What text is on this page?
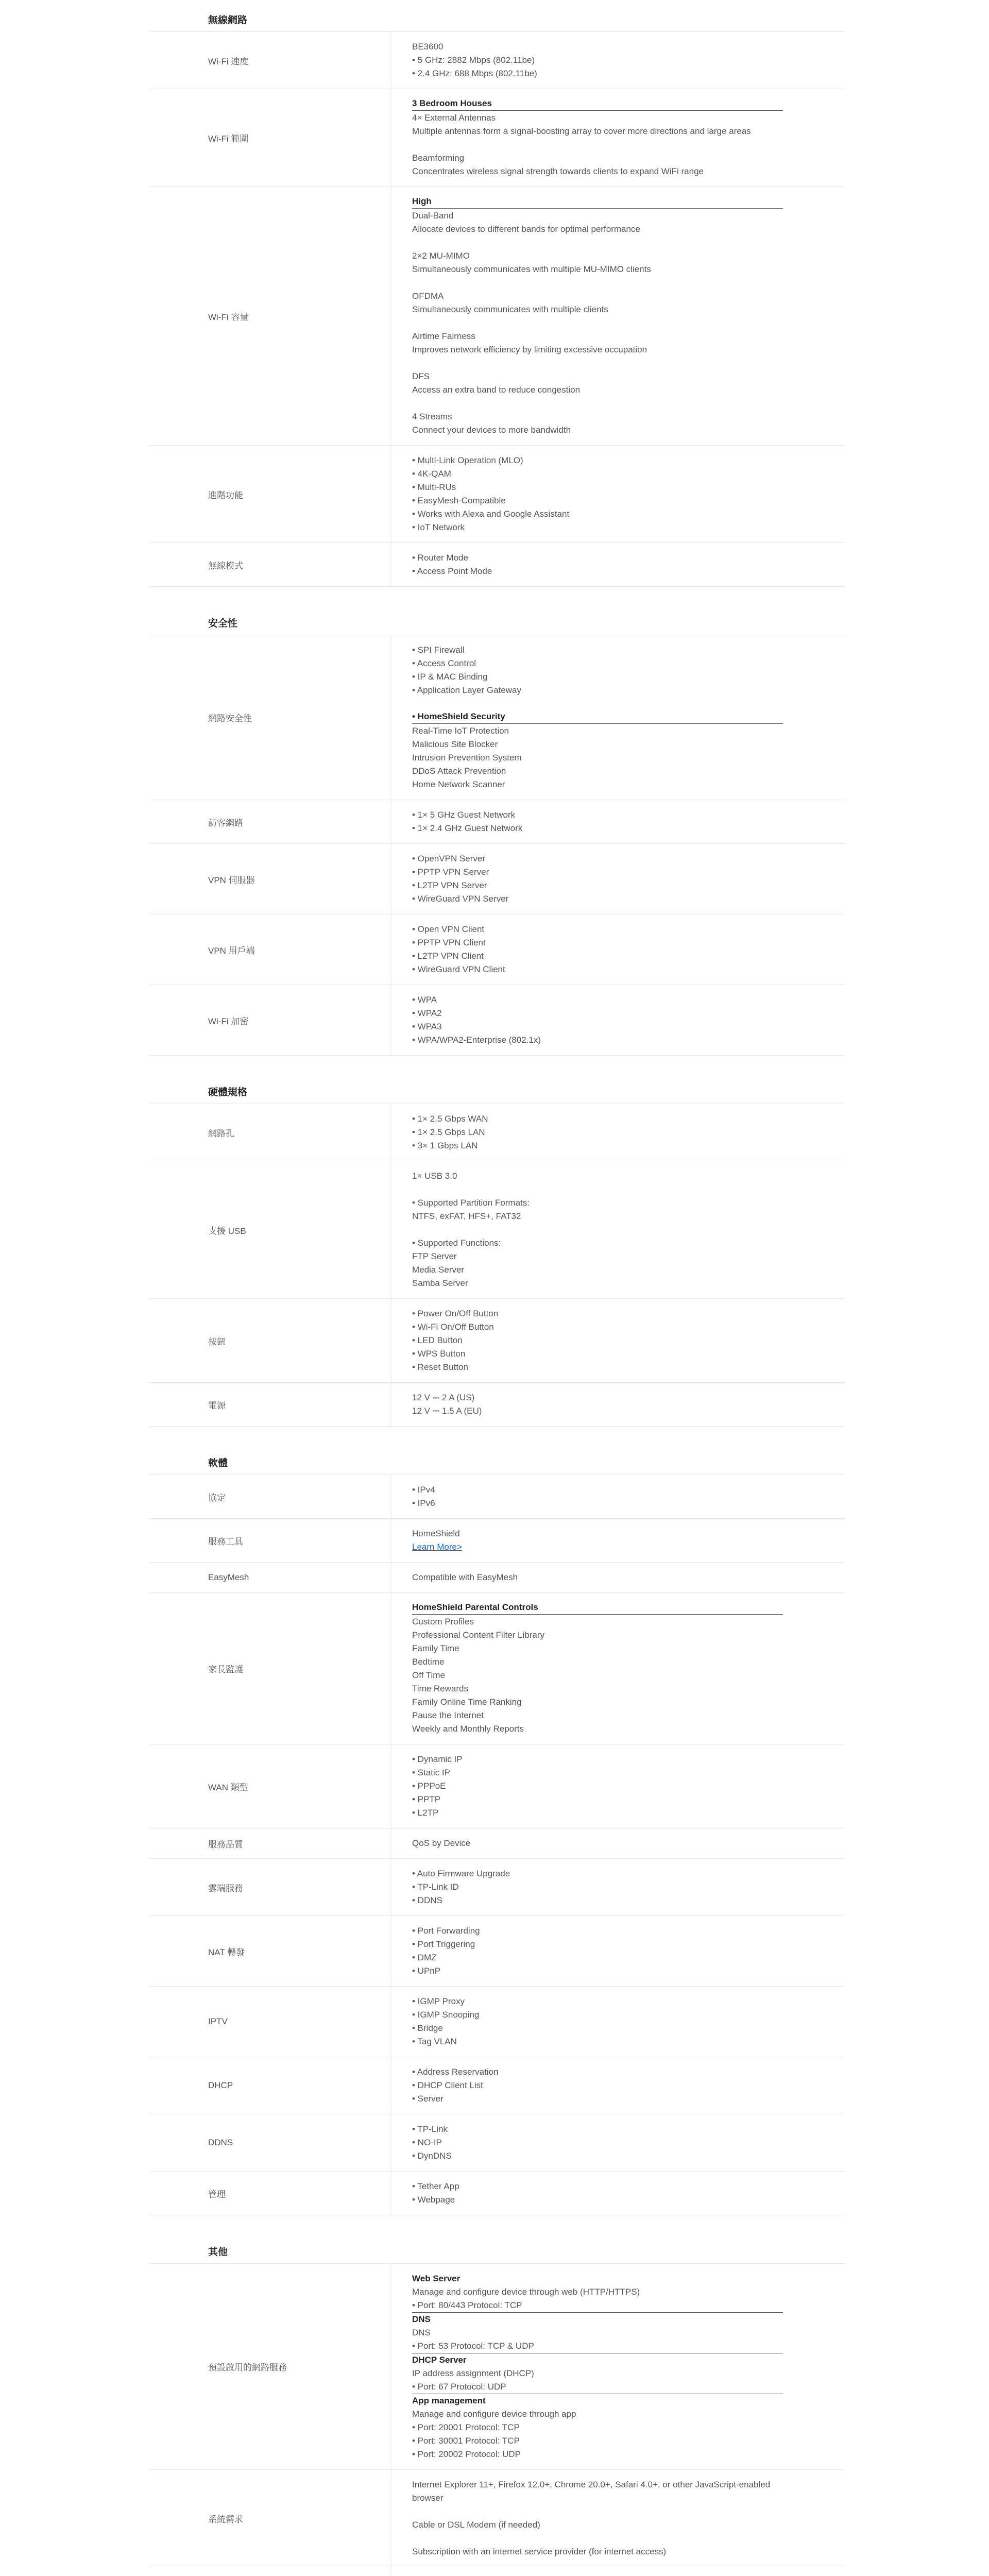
無線網路
Wi-Fi 速度
BE3600
• 5 GHz: 2882 Mbps (802.11be)
• 2.4 GHz: 688 Mbps (802.11be)
Wi-Fi 範圍
3 Bedroom Houses
4× External Antennas
Multiple antennas form a signal-boosting array to cover more directions and large areas
Beamforming
Concentrates wireless signal strength towards clients to expand WiFi range
Wi-Fi 容量
High
Dual-Band
Allocate devices to different bands for optimal performance
2×2 MU-MIMO
Simultaneously communicates with multiple MU-MIMO clients
OFDMA
Simultaneously communicates with multiple clients
Airtime Fairness
Improves network efficiency by limiting excessive occupation
DFS
Access an extra band to reduce congestion
4 Streams
Connect your devices to more bandwidth
進階功能
• Multi-Link Operation (MLO)
• 4K-QAM
• Multi-RUs
• EasyMesh-Compatible
• Works with Alexa and Google Assistant
• IoT Network
無線模式
• Router Mode
• Access Point Mode
安全性
網路安全性
• SPI Firewall
• Access Control
• IP & MAC Binding
• Application Layer Gateway
• HomeShield Security
Real-Time IoT Protection
Malicious Site Blocker
Intrusion Prevention System
DDoS Attack Prevention
Home Network Scanner
訪客網路
• 1× 5 GHz Guest Network
• 1× 2.4 GHz Guest Network
VPN 伺服器
• OpenVPN Server
• PPTP VPN Server
• L2TP VPN Server
• WireGuard VPN Server
VPN 用戶端
• Open VPN Client
• PPTP VPN Client
• L2TP VPN Client
• WireGuard VPN Client
Wi-Fi 加密
• WPA
• WPA2
• WPA3
• WPA/WPA2-Enterprise (802.1x)
硬體規格
網路孔
• 1× 2.5 Gbps WAN
• 1× 2.5 Gbps LAN
• 3× 1 Gbps LAN
支援 USB
1× USB 3.0
• Supported Partition Formats:
NTFS, exFAT, HFS+, FAT32
• Supported Functions:
FTP Server
Media Server
Samba Server
按鈕
• Power On/Off Button
• Wi-Fi On/Off Button
• LED Button
• WPS Button
• Reset Button
電源
12 V ⎓ 2 A (US)
12 V ⎓ 1.5 A (EU)
軟體
協定
• IPv4
• IPv6
服務工具
HomeShield
Learn More>
EasyMesh	Compatible with EasyMesh
家長監護
HomeShield Parental Controls
Custom Profiles
Professional Content Filter Library
Family Time
Bedtime
Off Time
Time Rewards
Family Online Time Ranking
Pause the Internet
Weekly and Monthly Reports
WAN 類型
• Dynamic IP
• Static IP
• PPPoE
• PPTP
• L2TP
服務品質	QoS by Device
雲端服務
• Auto Firmware Upgrade
• TP-Link ID
• DDNS
NAT 轉發
• Port Forwarding
• Port Triggering
• DMZ
• UPnP
IPTV
• IGMP Proxy
• IGMP Snooping
• Bridge
• Tag VLAN
DHCP
• Address Reservation
• DHCP Client List
• Server
DDNS
• TP-Link
• NO-IP
• DynDNS
管理
• Tether App
• Webpage
其他
預設啟用的網路服務
Web Server
Manage and configure device through web (HTTP/HTTPS)
• Port: 80/443 Protocol: TCP
DNS
DNS
• Port: 53 Protocol: TCP & UDP
DHCP Server
IP address assignment (DHCP)
• Port: 67 Protocol: UDP
App management
Manage and configure device through app
• Port: 20001 Protocol: TCP
• Port: 30001 Protocol: TCP
• Port: 20002 Protocol: UDP
系統需求
Internet Explorer 11+, Firefox 12.0+, Chrome 20.0+, Safari 4.0+, or other JavaScript-enabled
browser
Cable or DSL Modem (if needed)
Subscription with an internet service provider (for internet access)
